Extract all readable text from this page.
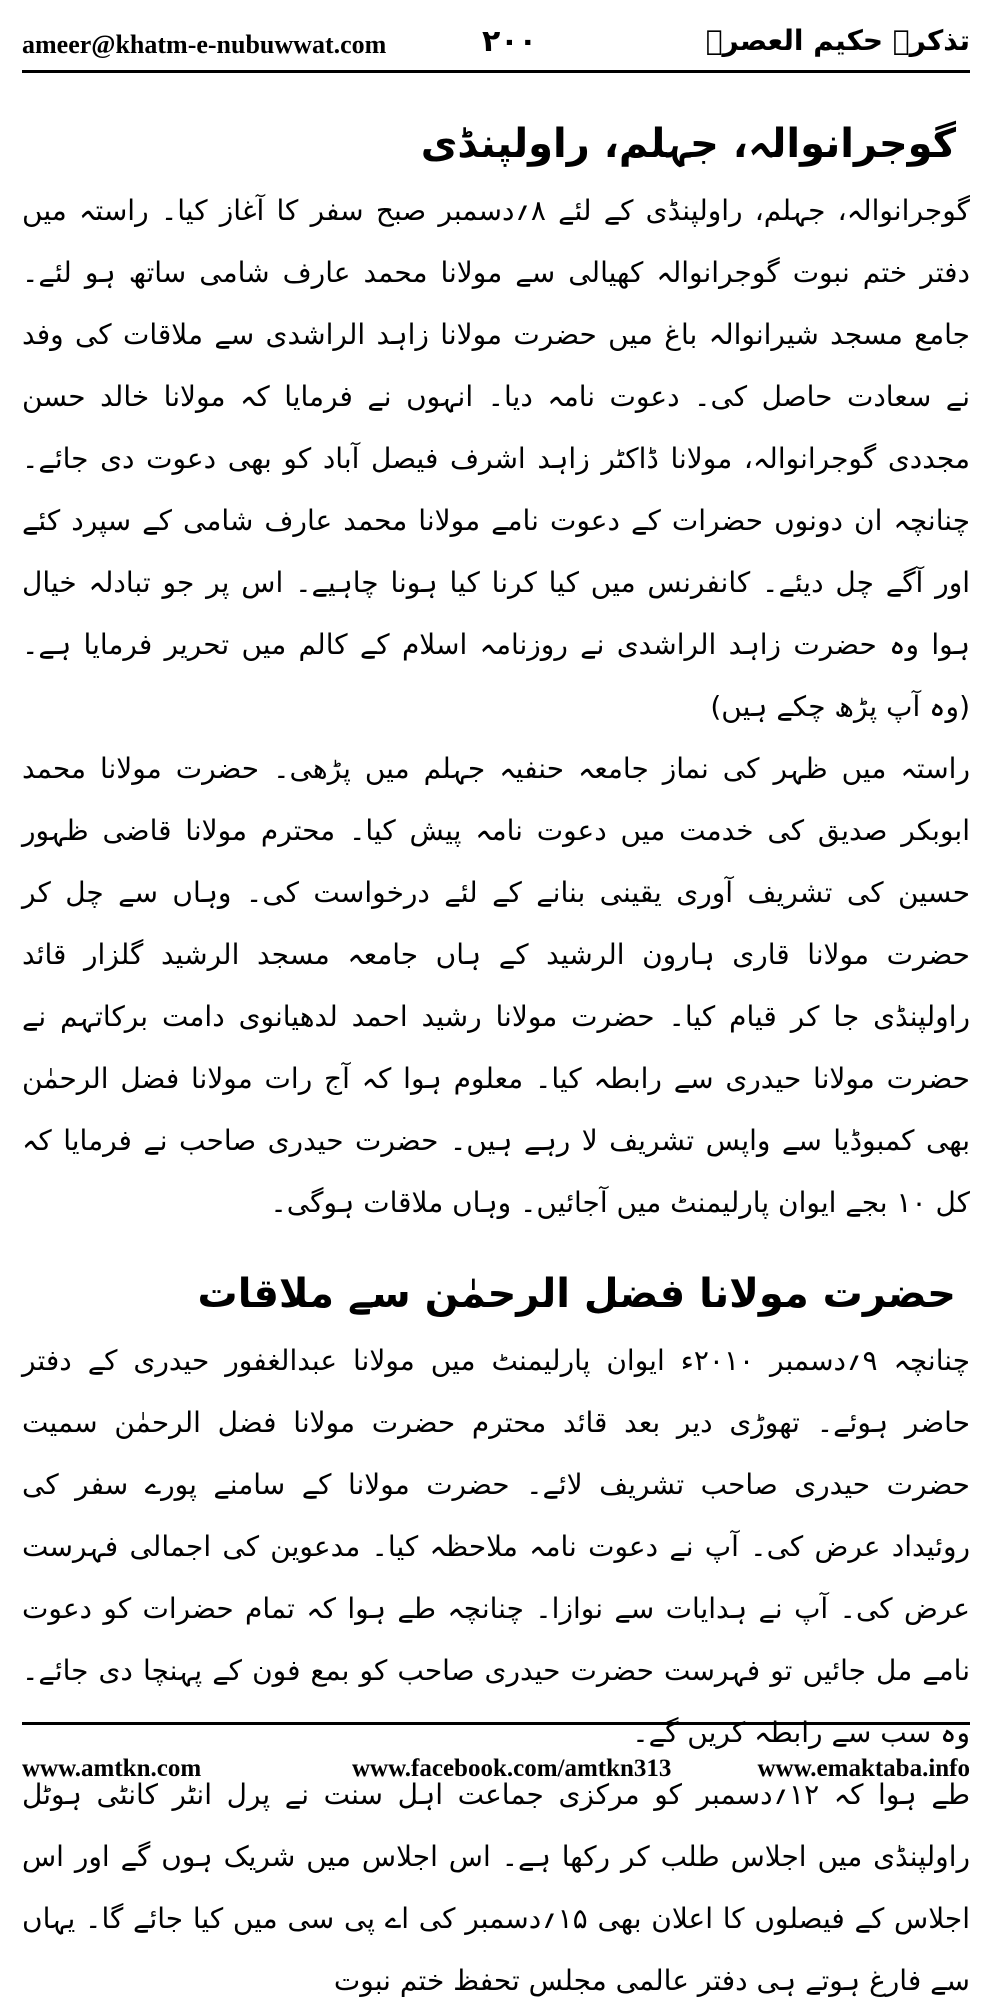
ameer@khatm-e-nubuwwat.com	۲۰۰	تذکرہ حکیم العصرؒ
گوجرانوالہ، جہلم، راولپنڈی

گوجرانوالہ، جہلم، راولپنڈی کے لئے ۸؍دسمبر صبح سفر کا آغاز کیا۔ راستہ میں دفتر ختم نبوت گوجرانوالہ کھیالی سے مولانا محمد عارف شامی ساتھ ہو لئے۔ جامع مسجد شیرانوالہ باغ میں حضرت مولانا زاہد الراشدی سے ملاقات کی وفد نے سعادت حاصل کی۔ دعوت نامہ دیا۔ انہوں نے فرمایا کہ مولانا خالد حسن مجددی گوجرانوالہ، مولانا ڈاکٹر زاہد اشرف فیصل آباد کو بھی دعوت دی جائے۔ چنانچہ ان دونوں حضرات کے دعوت نامے مولانا محمد عارف شامی کے سپرد کئے اور آگے چل دیئے۔ کانفرنس میں کیا کرنا کیا ہونا چاہیے۔ اس پر جو تبادلہ خیال ہوا وہ حضرت زاہد الراشدی نے روزنامہ اسلام کے کالم میں تحریر فرمایا ہے۔ (وہ آپ پڑھ چکے ہیں)

راستہ میں ظہر کی نماز جامعہ حنفیہ جہلم میں پڑھی۔ حضرت مولانا محمد ابوبکر صدیق کی خدمت میں دعوت نامہ پیش کیا۔ محترم مولانا قاضی ظہور حسین کی تشریف آوری یقینی بنانے کے لئے درخواست کی۔ وہاں سے چل کر حضرت مولانا قاری ہارون الرشید کے ہاں جامعہ مسجد الرشید گلزار قائد راولپنڈی جا کر قیام کیا۔ حضرت مولانا رشید احمد لدھیانوی دامت برکاتہم نے حضرت مولانا حیدری سے رابطہ کیا۔ معلوم ہوا کہ آج رات مولانا فضل الرحمٰن بھی کمبوڈیا سے واپس تشریف لا رہے ہیں۔ حضرت حیدری صاحب نے فرمایا کہ کل ۱۰ بجے ایوان پارلیمنٹ میں آجائیں۔ وہاں ملاقات ہوگی۔

حضرت مولانا فضل الرحمٰن سے ملاقات

چنانچہ ۹؍دسمبر ۲۰۱۰ء ایوان پارلیمنٹ میں مولانا عبدالغفور حیدری کے دفتر حاضر ہوئے۔ تھوڑی دیر بعد قائد محترم حضرت مولانا فضل الرحمٰن سمیت حضرت حیدری صاحب تشریف لائے۔ حضرت مولانا کے سامنے پورے سفر کی روئیداد عرض کی۔ آپ نے دعوت نامہ ملاحظہ کیا۔ مدعوین کی اجمالی فہرست عرض کی۔ آپ نے ہدایات سے نوازا۔ چنانچہ طے ہوا کہ تمام حضرات کو دعوت نامے مل جائیں تو فہرست حضرت حیدری صاحب کو بمع فون کے پہنچا دی جائے۔ وہ سب سے رابطہ کریں گے۔

طے ہوا کہ ۱۲؍دسمبر کو مرکزی جماعت اہل سنت نے پرل انٹر کانٹی ہوٹل راولپنڈی میں اجلاس طلب کر رکھا ہے۔ اس اجلاس میں شریک ہوں گے اور اس اجلاس کے فیصلوں کا اعلان بھی ۱۵؍دسمبر کی اے پی سی میں کیا جائے گا۔ یہاں سے فارغ ہوتے ہی دفتر عالمی مجلس تحفظ ختم نبوت

www.amtkn.com	www.facebook.com/amtkn313	www.emaktaba.info
